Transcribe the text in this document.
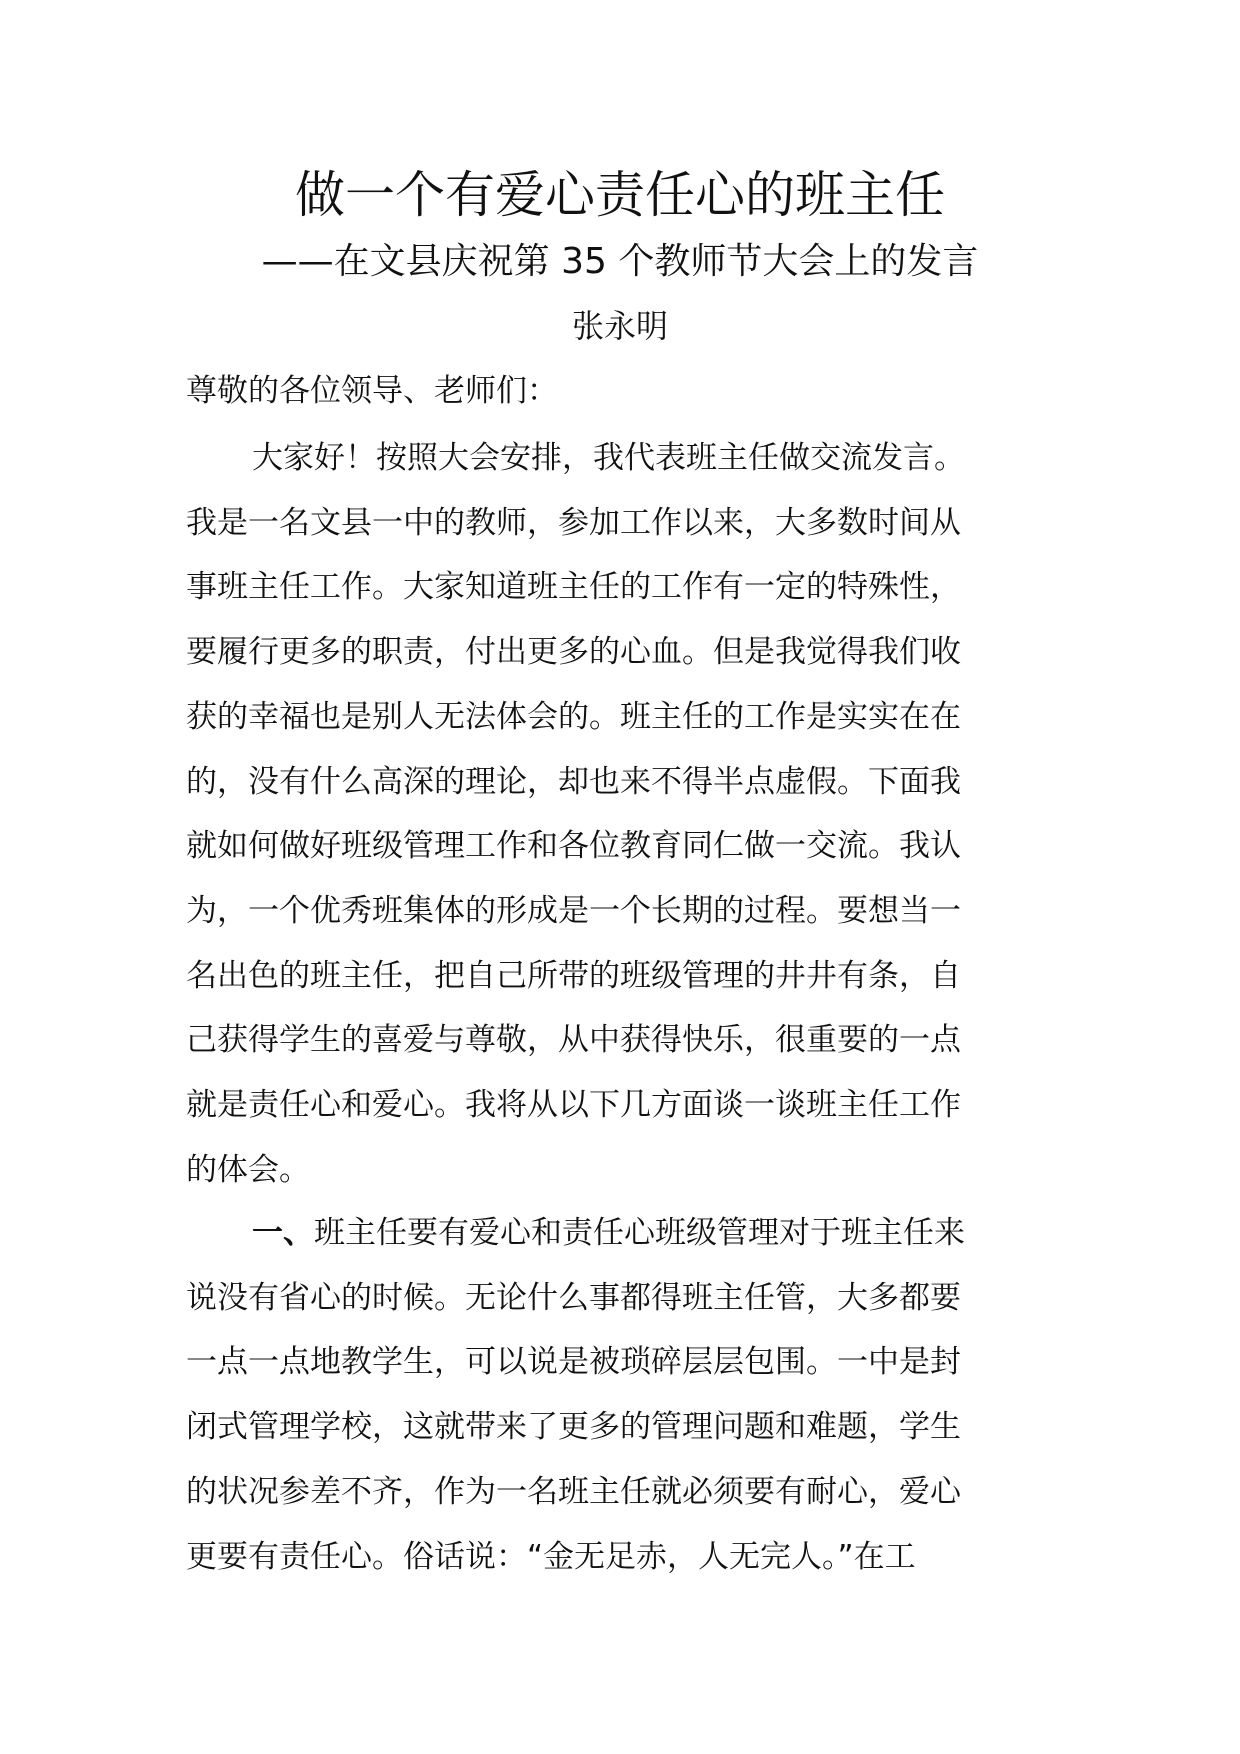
做一个有爱心责任心的班主任
——在文县庆祝第 35 个教师节大会上的发言
张永明
尊敬的各位领导、老师们：
大家好！按照大会安排，我代表班主任做交流发言。
我是一名文县一中的教师，参加工作以来，大多数时间从
事班主任工作。大家知道班主任的工作有一定的特殊性，
要履行更多的职责，付出更多的心血。但是我觉得我们收
获的幸福也是别人无法体会的。班主任的工作是实实在在
的，没有什么高深的理论，却也来不得半点虚假。下面我
就如何做好班级管理工作和各位教育同仁做一交流。我认
为，一个优秀班集体的形成是一个长期的过程。要想当一
名出色的班主任，把自己所带的班级管理的井井有条，自
己获得学生的喜爱与尊敬，从中获得快乐，很重要的一点
就是责任心和爱心。我将从以下几方面谈一谈班主任工作
的体会。
一、班主任要有爱心和责任心班级管理对于班主任来
说没有省心的时候。无论什么事都得班主任管，大多都要
一点一点地教学生，可以说是被琐碎层层包围。一中是封
闭式管理学校，这就带来了更多的管理问题和难题，学生
的状况参差不齐，作为一名班主任就必须要有耐心，爱心
更要有责任心。俗话说：“金无足赤，人无完人。”在工
